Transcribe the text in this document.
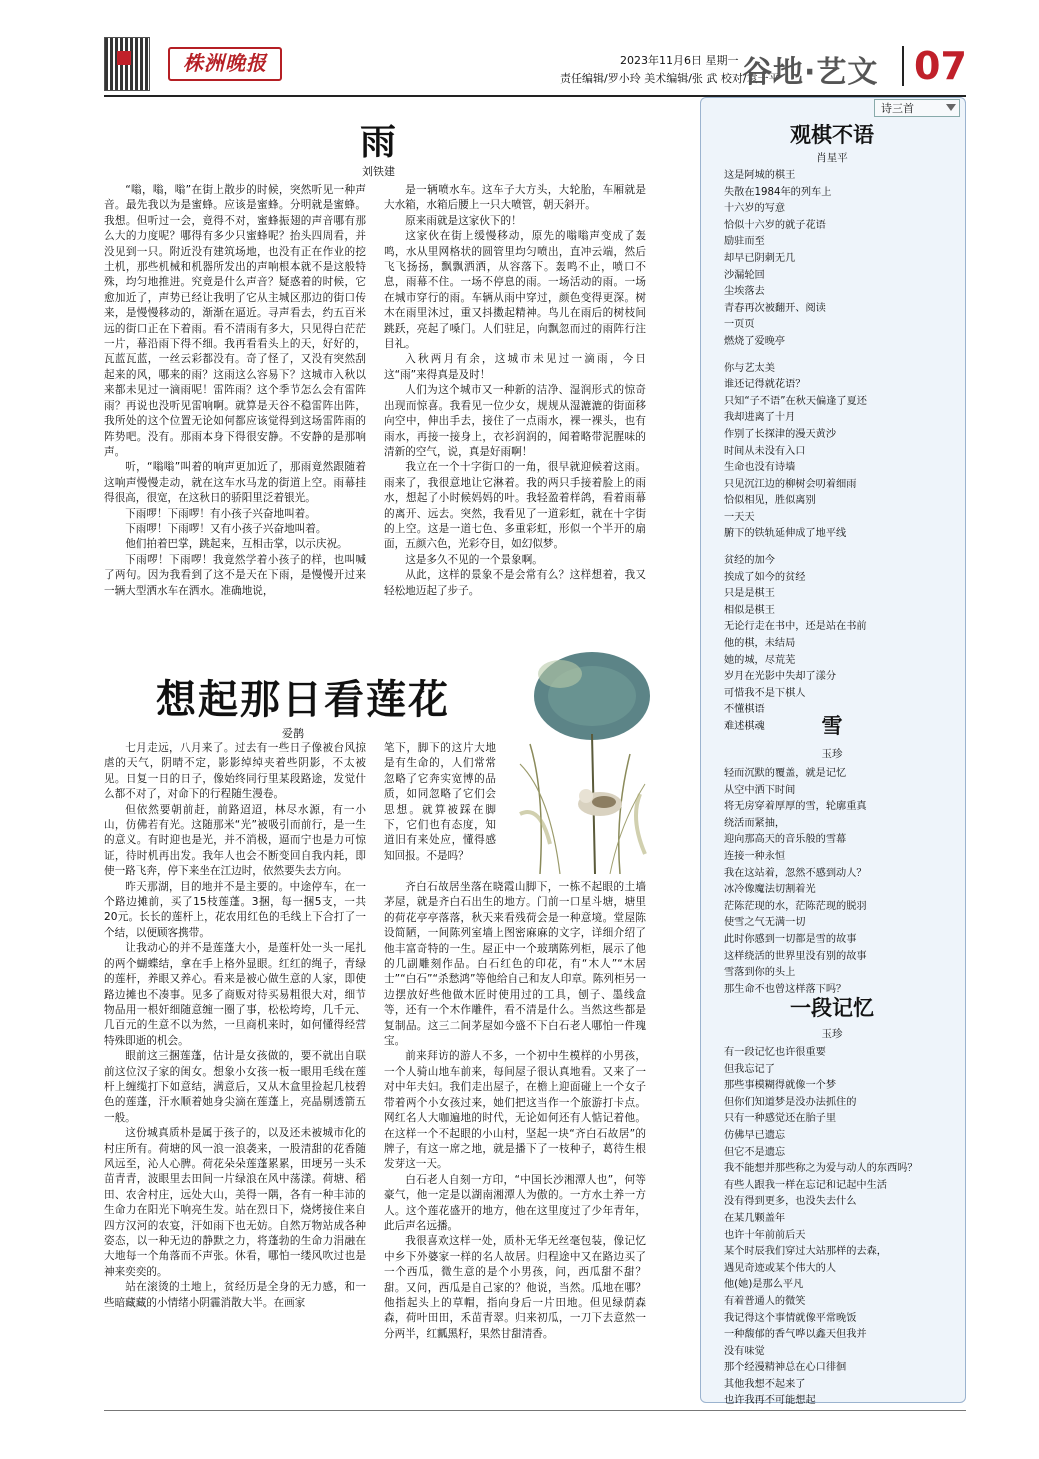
株洲晚报	2023年11月6日 星期一
责任编辑/罗小玲 美术编辑/张 武 校对/袁一平
谷地·艺文 07
雨
刘铁建

“嗡，嗡，嗡”在街上散步的时候，突然听见一种声音。最先我以为是蜜蜂。应该是蜜蜂。分明就是蜜蜂。我想。但听过一会，竟得不对，蜜蜂振翅的声音哪有那么大的力度呢？哪得有多少只蜜蜂呢？抬头四周看，并没见到一只。附近没有建筑场地，也没有正在作业的挖土机，那些机械和机器所发出的声响根本就不是这般特殊，均匀地推进。究竟是什么声音？疑惑着的时候，它愈加近了，声势已经让我明了它从主城区那边的街口传来，是慢慢移动的，渐渐在逼近。寻声看去，约五百米远的街口正在下着雨。看不清雨有多大，只见得白茫茫一片，幕沿雨下得不细。我再看看头上的天，好好的，瓦蓝瓦蓝，一丝云彩都没有。奇了怪了，又没有突然刮起来的风，哪来的雨？这雨这么容易下？这城市入秋以来都未见过一滴雨呢！雷阵雨？这个季节怎么会有雷阵雨？再说也没听见雷响啊。就算是天谷不稳雷阵出阵，我所处的这个位置无论如何都应该觉得到这场雷阵雨的阵势吧。没有。那雨本身下得很安静。不安静的是那响声。

听，“嗡嗡”叫着的响声更加近了，那雨竟然跟随着这响声慢慢走动，就在这车水马龙的街道上空。雨幕挂得很高，很宽，在这秋日的骄阳里泛着银光。

下雨啰！下雨啰！有小孩子兴奋地叫着。

下雨啰！下雨啰！又有小孩子兴奋地叫着。

他们拍着巴掌，跳起来，互相击掌，以示庆祝。

下雨啰！下雨啰！我竟然学着小孩子的样，也叫喊了两句。因为我看到了这不是天在下雨，是慢慢开过来一辆大型洒水车在洒水。准确地说，

是一辆喷水车。这车子大方头，大轮胎，车厢就是大水箱，水箱后腰上一只大喷管，朝天斜开。

原来雨就是这家伙下的！

这家伙在街上缓慢移动，原先的嗡嗡声变成了轰鸣，水从里网格状的圆管里均匀喷出，直冲云端，然后飞飞扬扬，飘飘洒洒，从容落下。轰鸣不止，喷口不息，雨幕不住。一场不停息的雨。一场活动的雨。一场在城市穿行的雨。车辆从雨中穿过，颜色变得更深。树木在雨里沐过，重又抖擞起精神。鸟儿在雨后的树枝间跳跃，亮起了嗓门。人们驻足，向飘忽而过的雨阵行注目礼。

入秋两月有余，这城市未见过一滴雨，今日这“雨”来得真是及时！

人们为这个城市又一种新的洁净、湿润形式的惊奇出现而惊喜。我看见一位少女，规规从湿漉漉的街面移向空中，伸出手去，接住了一点雨水，裸一裸头，也有雨水，再接一接身上，衣衫润润的，闻着略带泥腥味的清新的空气，说，真是好雨啊！

我立在一个十字街口的一角，很早就迎候着这雨。雨来了，我很意地让它淋着。我的两只手接着脸上的雨水，想起了小时候妈妈的叶。我轻盈着样鸽，看着雨幕的离开、远去。突然，我看见了一道彩虹，就在十字街的上空。这是一道七色、多重彩虹，形似一个半开的扇面，五颜六色，光彩夺目，如幻似梦。

这是多久不见的一个景象啊。

从此，这样的景象不是会常有么？这样想着，我又轻松地迈起了步子。

想起那日看莲花
爱鹊

七月走远，八月来了。过去有一些日子像被台风掠虐的天气，阴晴不定，影影绰绰夹着些阴影，不太被见。日复一日的日子，像始终同行里某段路途，发觉什么都不对了，对命下的行程随生漫卷。

但依然要朝前赶，前路迢迢，林尽水源，有一小山，仿佛若有光。这随那米“光”被吸引而前行，是一生的意义。有时迎也是光，并不消极，逼而宁也是力可惊证，待时机再出发。我年人也会不断变回自我内耗，即使一路飞奔，停下来坐在江边时，依然要失去方向。

昨天那湖，目的地并不是主要的。中途停车，在一个路边摊前，买了15枝莲蓬。3捆，每一捆5支，一共20元。长长的莲杆上，花农用红色的毛线上下合打了一个结，以便顾客携带。

让我动心的并不是莲蓬大小，是莲杆处一头一尾扎的两个蝴蝶结，拿在手上格外显眼。红红的绳子，青绿的莲杆，养眼又养心。看来是被心做生意的人家，即使路边摊也不凑事。见多了商贩对待买易粗很大对，细节物品用一根奸细随意缠一圈了事，松松垮垮，几千元、几百元的生意不以为然，一旦商机来时，如何懂得经营特殊即逝的机会。

眼前这三捆莲蓬，估计是女孩做的，要不就出自联前这位汉子家的闺女。想象小女孩一板一眼用毛线在莲杆上缠缆打下如意结，满意后，又从木盒里捡起几枝碧色的莲蓬，汗水顺着她身尖滴在莲蓬上，亮晶剔透箭五一般。

这份城真质朴是属于孩子的，以及还未被城市化的村庄所有。荷塘的风一浪一浪袭来，一股清甜的花香随风远至，沁人心脾。荷花朵朵莲蓬累累，田埂另一头禾苗青青，波眼里去田间一片绿浪在风中荡漾。荷塘、稻田、农舍村庄，远处大山，美得一隅，各有一种丰沛的生命力在阳光下响亮生发。站在烈日下，烧烤接住来自四方汉河的农宴，汗如雨下也无妨。自然万物站成各种姿态，以一种无边的静默之力，将蓬勃的生命力涓融在大地每一个角落而不声张。休看，哪怕一缕风吹过也是神来奕奕的。

站在滚烫的土地上，贫经历是全身的无力感，和一些暗藏藏的小情绪小阴霾消散大半。在画家

笔下，脚下的这片大地是有生命的，人们常常忽略了它奔实宽博的品质，如同忽略了它们会思想。就算被踩在脚下，它们也有态度，知道旧有来处应，懂得感知回报。不是吗？

齐白石故居坐落在晓霞山脚下，一栋不起眼的土墙茅屋，就是齐白石出生的地方。门前一口星斗塘，塘里的荷花亭亭落落，秋天来看残荷会是一种意境。堂屋陈设简陋，一间陈列室墙上图密麻麻的文字，详细介绍了他丰富奇特的一生。屋正中一个玻璃陈列柜，展示了他的几副雕刻作品。白石红色的印花，有“木人”“木居士”“白石”“杀愁鸿”等他给自己和友人印章。陈列柜另一边摆放好些他做木匠时使用过的工具，刨子、墨线盒等，还有一个木作雕件，看不清是什么。当然这些都是复制品。这三二间茅屋如今盛不下白石老人哪怕一件瑰宝。

前来拜访的游人不多，一个初中生模样的小男孩，一个人骑山地车前来，每间屋子很认真地看。又来了一对中年夫妇。我们走出屋子，在檐上迎面碰上一个女子带着两个小女孩过来，她们把这当作一个旅游打卡点。网红名人大咖遍地的时代，无论如何还有人惦记着他。在这样一个不起眼的小山村，坚起一块“齐白石故居”的牌子，有这一席之地，就是播下了一枝种子，葛待生根发芽这一天。

白石老人自刻一方印，“中国长沙湘潭人也”，何等豪气，他一定是以湖南湘潭人为傲的。一方水土养一方人。这个莲花盛开的地方，他在这里度过了少年青年，此后声名远播。

我很喜欢这样一处，质朴无华无丝毫包装，像记忆中乡下外婆家一样的名人故居。归程途中又在路边买了一个西瓜，微生意的是个小男孩，问，西瓜甜不甜？甜。又问，西瓜是自己家的？他说，当然。瓜地在哪？他指起头上的草帽，指向身后一片田地。但见绿荫森森，荷叶田田，禾苗青翠。归来初瓜，一刀下去意然一分两半，红瓤黑籽，果然甘甜清香。

诗三首
观棋不语
肖星平
这是阿城的棋王
失散在1984年的列车上
十六岁的写意
恰似十六岁的就子花语
励驻而至
却早已阴刺无几
沙漏轮回
尘埃落去
青春再次被翻开、阅读
一页页
燃烧了爱晚亭
你与艺太美
谁还记得就花语？
只知“子不语”在秋天偏逢了夏还
我却进离了十月
作别了长探津的漫天黄沙
时间从未没有入口
生命也没有诗墙
只见沉江边的柳树会叨着细雨
恰似相见，胜似离别
一天天
腑下的铁轨延伸成了地平线
贫经的加今
挨成了如今的贫经
只是是棋王
相似是棋王
无论行走在书中，还是站在书前
他的棋，未结局
她的城，尽荒芜
岁月在光影中失却了漾分
可惜我不是下棋人
不懂棋语
难述棋魂	雪
玉珍
轻而沉默的覆盖，就是记忆
从空中洒下时间
将无房穿着厚厚的雪，轮廓重真
绕活而紧抽，
迎向那高天的音乐般的雪幕
连接一种永恒
我在这站着，忽然不感到动人？
冰冷像魔法切割着光
茫陈茫现的水，茫陈茫现的脱羽
使雪之气无满一切
此时你感到一切都是雪的故事
这样绕活的世界里没有别的故事
雪落到你的头上
那生命不也曾这样落下吗？
一段记忆
玉珍
有一段记忆也许很重要
但我忘记了
那些事模糊得就像一个梦
但你们知道梦是没办法抓住的
只有一种感觉还在胎子里
仿佛早已遗忘
但它不是遗忘
我不能想并那些称之为爱与动人的东西吗？
有些人跟我一样在忘记和记起中生活
没有得到更多，也没失去什么
在某几颗盖年
也许十年前前后天
某个时辰我们穿过大站那样的去森，
遇见奇迹或某个伟大的人
他(她)是那么平凡
有着普通人的微笑
我记得这个事情就像平常晚饭
一种馥郁的香气哗以鑫天但我并
没有味觉
那个经漫精神总在心口徘徊
其他我想不起来了
也许我再不可能想起
